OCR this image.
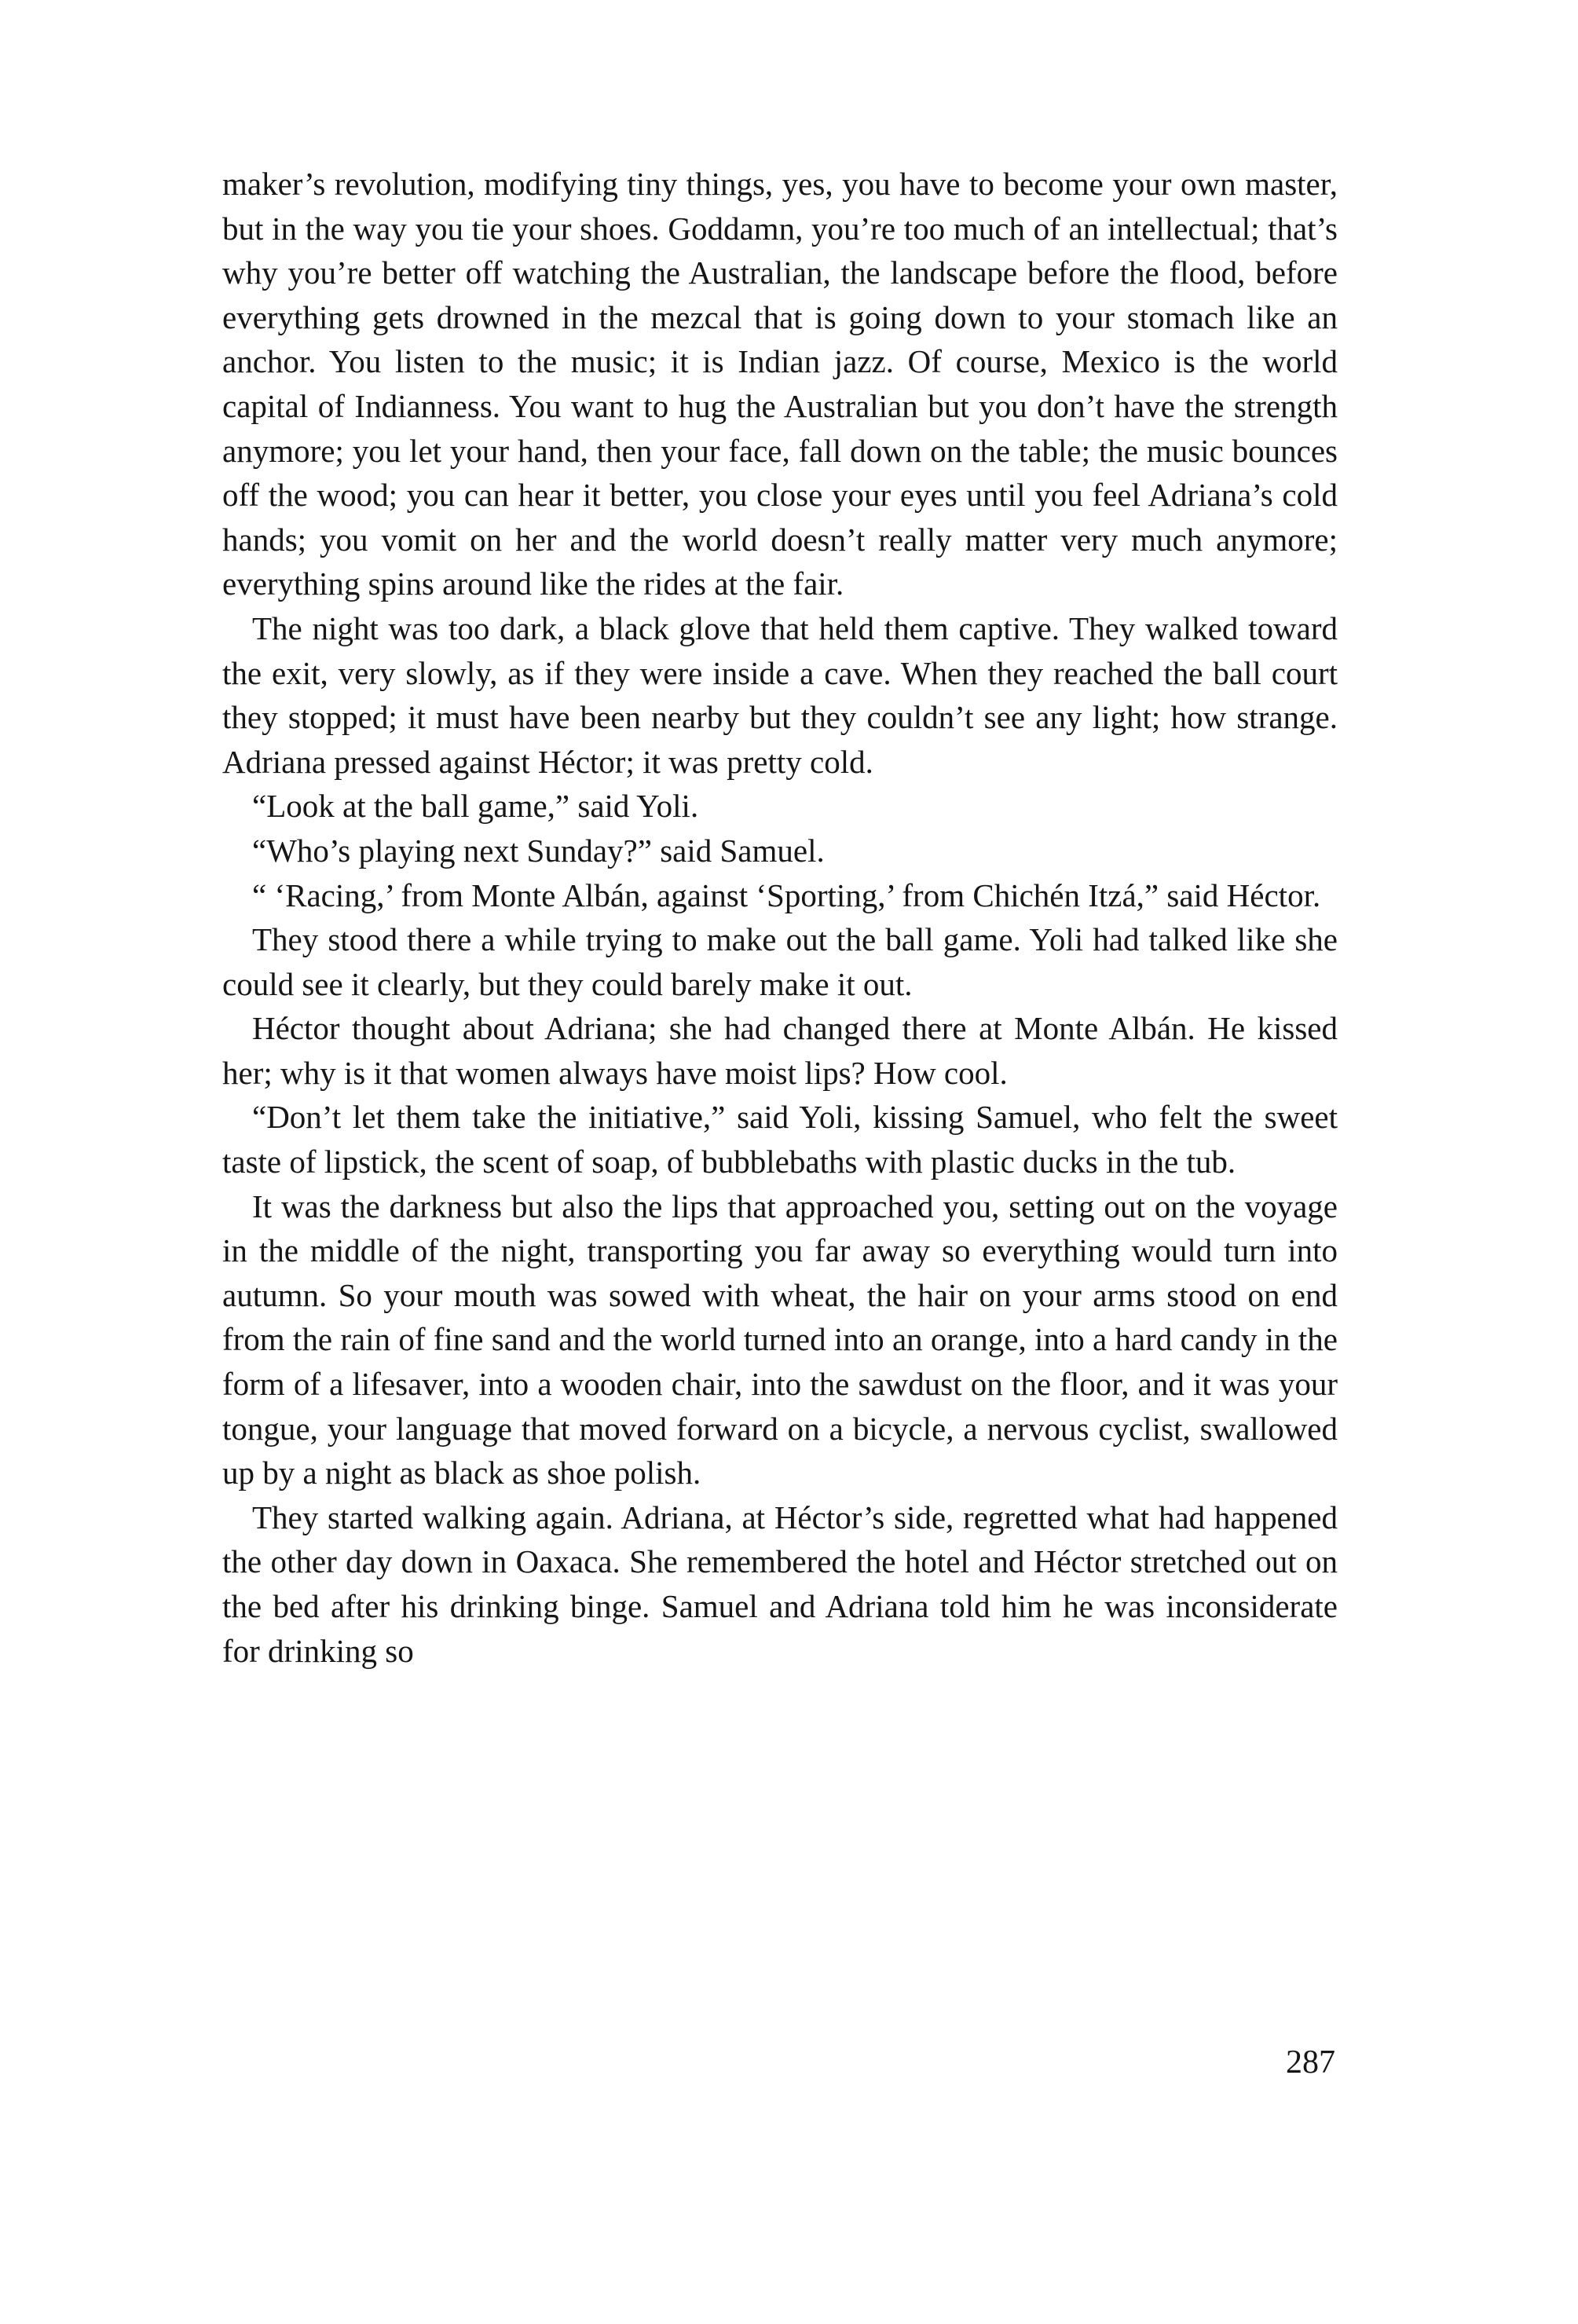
maker’s revolution, modifying tiny things, yes, you have to become your own master, but in the way you tie your shoes. Goddamn, you’re too much of an intellectual; that’s why you’re better off watching the Australian, the landscape before the flood, before everything gets drowned in the mezcal that is going down to your stomach like an anchor. You listen to the music; it is Indian jazz. Of course, Mexico is the world capital of Indianness. You want to hug the Australian but you don’t have the strength anymore; you let your hand, then your face, fall down on the table; the music bounces off the wood; you can hear it better, you close your eyes until you feel Adriana’s cold hands; you vomit on her and the world doesn’t really matter very much anymore; everything spins around like the rides at the fair.

The night was too dark, a black glove that held them captive. They walked toward the exit, very slowly, as if they were inside a cave. When they reached the ball court they stopped; it must have been nearby but they couldn’t see any light; how strange. Adriana pressed against Héctor; it was pretty cold.

“Look at the ball game,” said Yoli.

“Who’s playing next Sunday?” said Samuel.

“ ‘Racing,’ from Monte Albán, against ‘Sporting,’ from Chichén Itzá,” said Héctor.

They stood there a while trying to make out the ball game. Yoli had talked like she could see it clearly, but they could barely make it out.

Héctor thought about Adriana; she had changed there at Monte Albán. He kissed her; why is it that women always have moist lips? How cool.

“Don’t let them take the initiative,” said Yoli, kissing Samuel, who felt the sweet taste of lipstick, the scent of soap, of bubblebaths with plastic ducks in the tub.

It was the darkness but also the lips that approached you, setting out on the voyage in the middle of the night, transporting you far away so everything would turn into autumn. So your mouth was sowed with wheat, the hair on your arms stood on end from the rain of fine sand and the world turned into an orange, into a hard candy in the form of a lifesaver, into a wooden chair, into the sawdust on the floor, and it was your tongue, your language that moved forward on a bicycle, a nervous cyclist, swallowed up by a night as black as shoe polish.

They started walking again. Adriana, at Héctor’s side, regretted what had happened the other day down in Oaxaca. She remembered the hotel and Héctor stretched out on the bed after his drinking binge. Samuel and Adriana told him he was inconsiderate for drinking so

287
